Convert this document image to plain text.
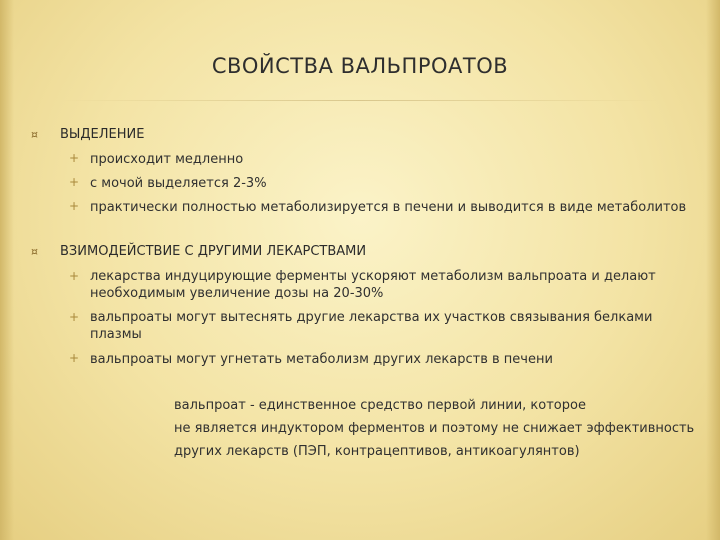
СВОЙСТВА ВАЛЬПРОАТОВ
¤ ВЫДЕЛЕНИЕ
+ происходит медленно
+ с мочой выделяется 2-3%
+ практически полностью метаболизируется в печени и выводится в виде метаболитов
¤ ВЗИМОДЕЙСТВИЕ С ДРУГИМИ ЛЕКАРСТВАМИ
+ лекарства индуцирующие ферменты ускоряют метаболизм вальпроата и делают необходимым увеличение дозы на 20-30%
+ вальпроаты могут вытеснять другие лекарства их участков связывания белками плазмы
+ вальпроаты могут угнетать метаболизм других лекарств в печени
вальпроат - единственное средство первой линии, которое
не является индуктором ферментов и поэтому не снижает эффективность
других лекарств (ПЭП, контрацептивов, антикоагулянтов)
